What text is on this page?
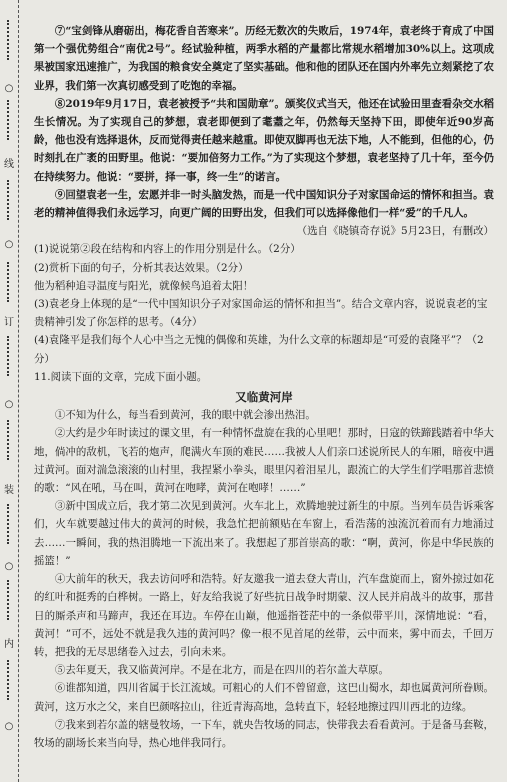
○
线
○
订
○
装
○
内
○

⑦“宝剑锋从磨砺出，梅花香自苦寒来”。历经无数次的失败后，1974年，袁老终于育成了中国第一个强优势组合“南优2号”。经试验种植，两季水稻的产量都比常规水稻增加30%以上。这项成果被国家迅速推广，为我国的粮食安全奠定了坚实基础。他和他的团队还在国内外率先立刻紧挖了农业界，我们第一次真切感受到了吃饱的幸福。

⑧2019年9月17日，袁老被授予“共和国勋章”。颁奖仪式当天，他还在试验田里查看杂交水稻生长情况。为了实现自己的梦想，袁老即便到了耄耋之年，仍然每天坚持下田，即使年近90岁高龄，他也没有选择退休，反而觉得责任越来越重。即使双脚再也无法下地，人不能到，但他的心，仍时刻扎在广袤的田野里。他说：“要加倍努力工作。”为了实现这个梦想，袁老坚持了几十年，至今仍在持续努力。他说：“要拼，择一事，终一生”的诺言。

⑨回望袁老一生，宏愿并非一时头脑发热，而是一代中国知识分子对家国命运的情怀和担当。袁老的精神值得我们永远学习，向更广阔的田野出发，但我们可以选择像他们一样“爱”的千凡人。

（选自《晓镇奇存说》5月23日，有删改）

(1)说说第②段在结构和内容上的作用分别是什么。（2分）

(2)赏析下面的句子，分析其表达效果。（2分）

他为稻种追寻温度与阳光，就像候鸟追着太阳！

(3)袁老身上体现的是“一代中国知识分子对家国命运的情怀和担当”。结合文章内容，说说袁老的宝贵精神引发了你怎样的思考。（4分）

(4)袁隆平是我们每个人心中当之无愧的偶像和英雄，为什么文章的标题却是“可爱的袁隆平”？（2分）

11.阅读下面的文章，完成下面小题。

又临黄河岸

①不知为什么，每当看到黄河，我的眼中就会渗出热泪。

②大约是少年时读过的课文里，有一种情怀盘旋在我的心里吧！那时，日寇的铁蹄践踏着中华大地，倘冲的敌机，飞若的炮声，爬满火车顶的难民……我被人人们亲口述说所民人的车厢，暗夜中遇过黄河。面对湍急滚滚的山村里，我捏紧小拳头，眼里闪着泪星儿，跟流亡的大学生们学唱那首悲愤的歌：“风在吼，马在叫，黄河在咆哮，黄河在咆哮！……”

③新中国成立后，我才第二次见到黄河。火车北上，欢腾地驶过新生的中原。当列车员告诉乘客们，火车就要越过伟大的黄河的时候，我急忙把前额贴在车窗上，看浩荡的浊流沉着而有力地涌过去……一瞬间，我的热泪腾地一下流出来了。我想起了那首崇高的歌：“啊，黄河，你是中华民族的摇篮！”

④大前年的秋天，我去访问呼和浩特。好友邀我一道去登大青山，汽车盘旋而上，窗外掠过如花的红叶和挺秀的白桦树。一路上，好友给我说了好些抗日战争时期蒙、汉人民并肩战斗的故事，那昔日的厮杀声和马蹄声，我还在耳边。车停在山巅，他遥指苍茫中的一条似带平川，深情地说：“看，黄河！”可不，远处不就是我久违的黄河吗？像一根不见首尾的丝带，云中而来，雾中而去，千回万转，把我的无尽思绪卷入过去，引向未来。

⑤去年夏天，我又临黄河岸。不是在北方，而是在四川的若尔盖大草原。

⑥谁都知道，四川省属于长江流域。可粗心的人们不曾留意，这巴山蜀水，却也属黄河所眷顾。黄河，这万水之父，来自巴颜喀拉山，往近青海高地，急转直下，轻轻地擦过四川西北的边缘。

⑦我来到若尔盖的辖曼牧场，一下车，就央告牧场的同志，快带我去看看黄河。于是备马套鞍，牧场的副场长来当向导，热心地伴我同行。
